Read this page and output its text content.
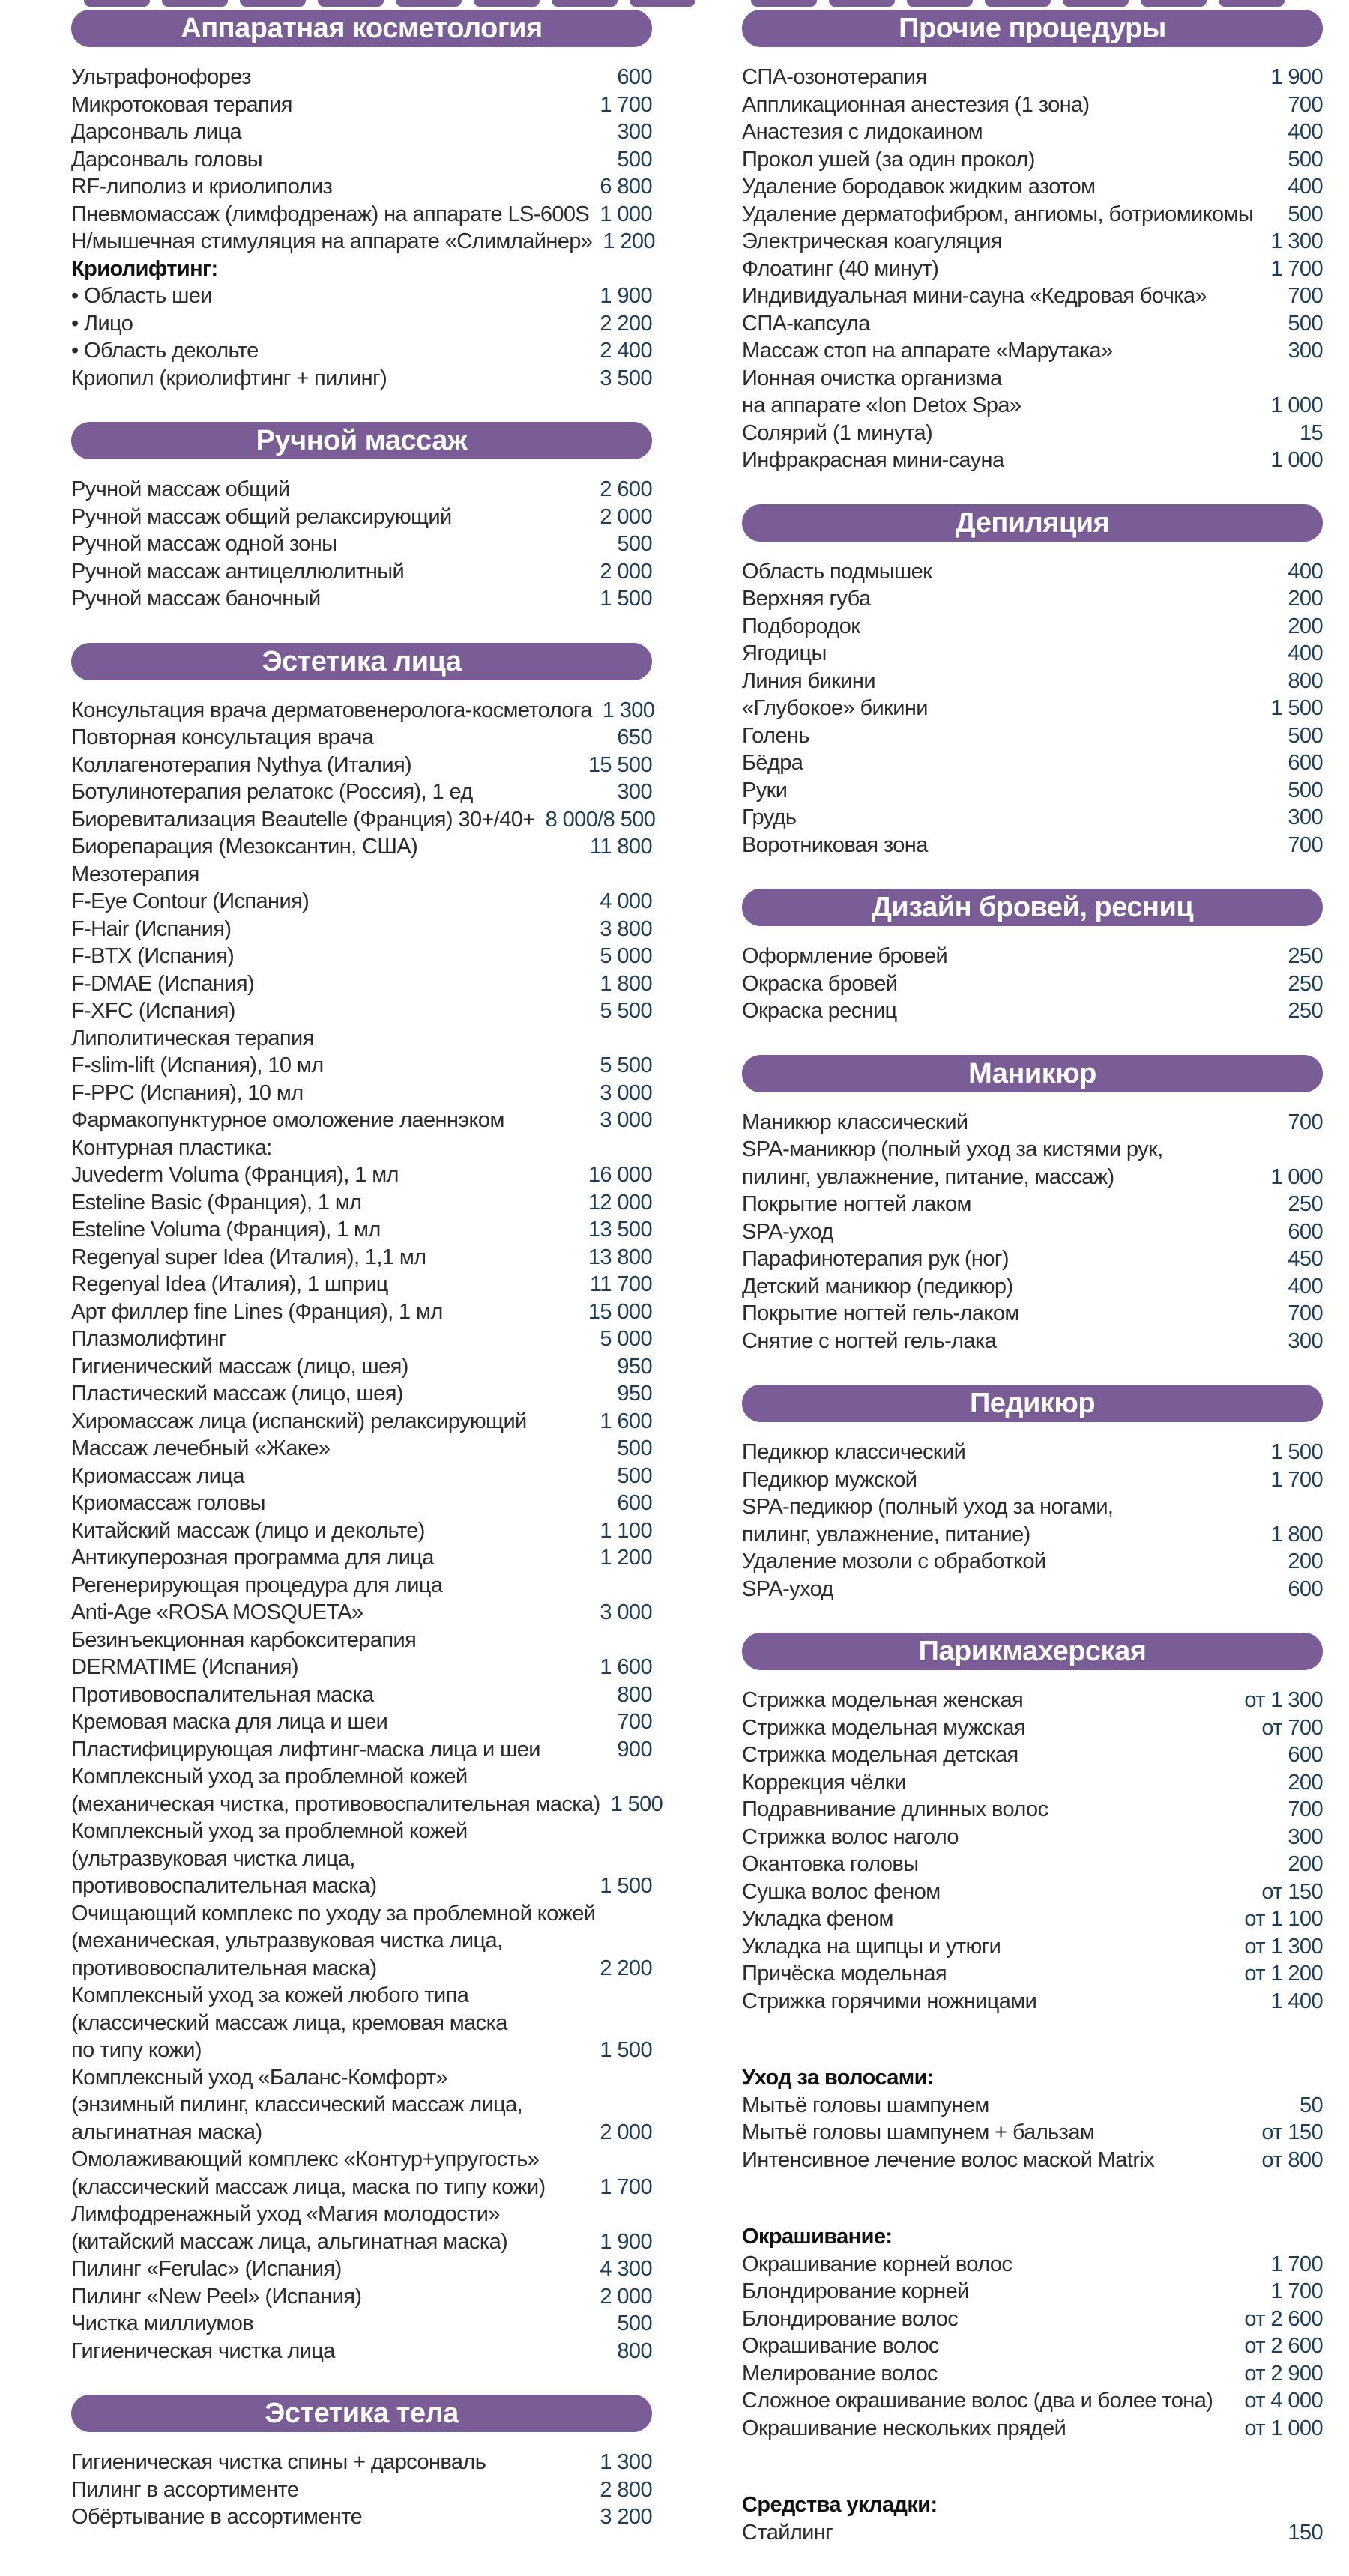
Аппаратная косметология
Ультрафонофорез	600
Микротоковая терапия	1 700
Дарсонваль лица	300
Дарсонваль головы	500
RF-липолиз и криолиполиз	6 800
Пневмомассаж (лимфодренаж) на аппарате LS-600S 1 000
Н/мышечная стимуляция на аппарате «Слимлайнер» 1 200
Криолифтинг:
• Область шеи	1 900
• Лицо	2 200
• Область декольте	2 400
Криопил (криолифтинг + пилинг)	3 500
Ручной массаж
Ручной массаж общий	2 600
Ручной массаж общий релаксирующий	2 000
Ручной массаж одной зоны	500
Ручной массаж антицеллюлитный	2 000
Ручной массаж баночный	1 500
Эстетика лица
Консультация врача дерматовенеролога-косметолога 1 300
Повторная консультация врача	650
Коллагенотерапия Nythya (Италия)	15 500
Ботулинотерапия релатокс (Россия), 1 ед	300
Биоревитализация Beautelle (Франция) 30+/40+ 8 000/8 500
Биорепарация (Мезоксантин, США)	11 800
Мезотерапия
F-Eye Contour (Испания)	4 000
F-Hair (Испания)	3 800
F-BTX (Испания)	5 000
F-DMAE (Испания)	1 800
F-XFC (Испания)	5 500
Липолитическая терапия
F-slim-lift (Испания), 10 мл	5 500
F-PPC (Испания), 10 мл	3 000
Фармакопунктурное омоложение лаеннэком	3 000
Контурная пластика:
Juvederm Voluma (Франция), 1 мл	16 000
Esteline Basic (Франция), 1 мл	12 000
Esteline Voluma (Франция), 1 мл	13 500
Regenyal super Idea (Италия), 1,1 мл	13 800
Regenyal Idea (Италия), 1 шприц	11 700
Арт филлер fine Lines (Франция), 1 мл	15 000
Плазмолифтинг	5 000
Гигиенический массаж (лицо, шея)	950
Пластический массаж (лицо, шея)	950
Хиромассаж лица (испанский) релаксирующий	1 600
Массаж лечебный «Жаке»	500
Криомассаж лица	500
Криомассаж головы	600
Китайский массаж (лицо и декольте)	1 100
Антикуперозная программа для лица	1 200
Регенерирующая процедура для лица
Anti-Age «ROSA MOSQUETA»	3 000
Безинъекционная карбокситерапия
DERMATIME (Испания)	1 600
Противовоспалительная маска	800
Кремовая маска для лица и шеи	700
Пластифицирующая лифтинг-маска лица и шеи	900
Комплексный уход за проблемной кожей
(механическая чистка, противовоспалительная маска) 1 500
Комплексный уход за проблемной кожей
(ультразвуковая чистка лица,
противовоспалительная маска)	1 500
Очищающий комплекс по уходу за проблемной кожей
(механическая, ультразвуковая чистка лица,
противовоспалительная маска)	2 200
Комплексный уход за кожей любого типа
(классический массаж лица, кремовая маска
по типу кожи)	1 500
Комплексный уход «Баланс-Комфорт»
(энзимный пилинг, классический массаж лица,
альгинатная маска)	2 000
Омолаживающий комплекс «Контур+упругость»
(классический массаж лица, маска по типу кожи)	1 700
Лимфодренажный уход «Магия молодости»
(китайский массаж лица, альгинатная маска)	1 900
Пилинг «Ferulac» (Испания)	4 300
Пилинг «New Peel» (Испания)	2 000
Чистка миллиумов	500
Гигиеническая чистка лица	800
Эстетика тела
Гигиеническая чистка спины + дарсонваль	1 300
Пилинг в ассортименте	2 800
Обёртывание в ассортименте	3 200
Прочие процедуры
СПА-озонотерапия	1 900
Аппликационная анестезия (1 зона)	700
Анастезия с лидокаином	400
Прокол ушей (за один прокол)	500
Удаление бородавок жидким азотом	400
Удаление дерматофибром, ангиомы, ботриомикомы	500
Электрическая коагуляция	1 300
Флоатинг (40 минут)	1 700
Индивидуальная мини-сауна «Кедровая бочка»	700
СПА-капсула	500
Массаж стоп на аппарате «Марутака»	300
Ионная очистка организма
на аппарате «Ion Detox Spa»	1 000
Солярий (1 минута)	15
Инфракрасная мини-сауна	1 000
Депиляция
Область подмышек	400
Верхняя губа	200
Подбородок	200
Ягодицы	400
Линия бикини	800
«Глубокое» бикини	1 500
Голень	500
Бёдра	600
Руки	500
Грудь	300
Воротниковая зона	700
Дизайн бровей, ресниц
Оформление бровей	250
Окраска бровей	250
Окраска ресниц	250
Маникюр
Маникюр классический	700
SPA-маникюр (полный уход за кистями рук,
пилинг, увлажнение, питание, массаж)	1 000
Покрытие ногтей лаком	250
SPA-уход	600
Парафинотерапия рук (ног)	450
Детский маникюр (педикюр)	400
Покрытие ногтей гель-лаком	700
Снятие с ногтей гель-лака	300
Педикюр
Педикюр классический	1 500
Педикюр мужской	1 700
SPA-педикюр (полный уход за ногами,
пилинг, увлажнение, питание)	1 800
Удаление мозоли с обработкой	200
SPA-уход	600
Парикмахерская
Стрижка модельная женская	от 1 300
Стрижка модельная мужская	от 700
Стрижка модельная детская	600
Коррекция чёлки	200
Подравнивание длинных волос	700
Стрижка волос наголо	300
Окантовка головы	200
Сушка волос феном	от 150
Укладка феном	от 1 100
Укладка на щипцы и утюги	от 1 300
Причёска модельная	от 1 200
Стрижка горячими ножницами	1 400
Уход за волосами:
Мытьё головы шампунем	50
Мытьё головы шампунем + бальзам	от 150
Интенсивное лечение волос маской Matrix	от 800
Окрашивание:
Окрашивание корней волос	1 700
Блондирование корней	1 700
Блондирование волос	от 2 600
Окрашивание волос	от 2 600
Мелирование волос	от 2 900
Сложное окрашивание волос (два и более тона)	от 4 000
Окрашивание нескольких прядей	от 1 000
Средства укладки:
Стайлинг	150
